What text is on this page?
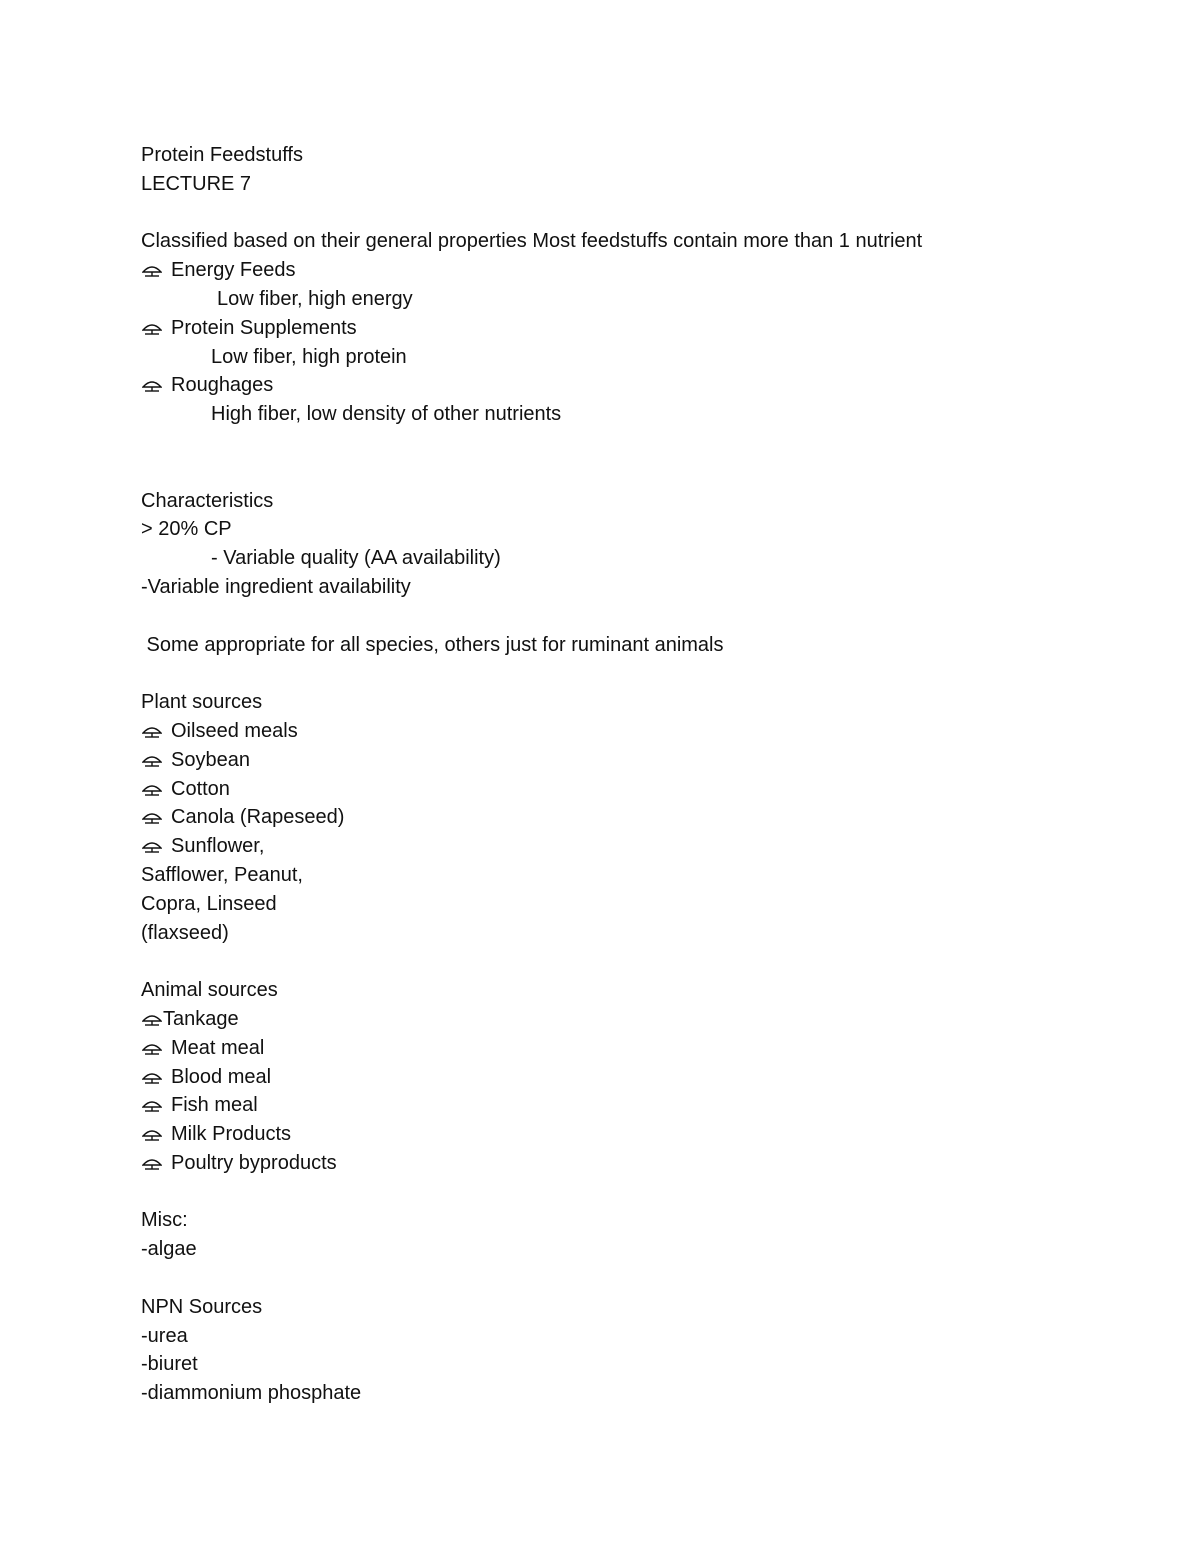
Protein Feedstuffs
LECTURE 7
Classified based on their general properties Most feedstuffs contain more than 1 nutrient

Energy Feeds
Low fiber, high energy

Protein Supplements
Low fiber, high protein

Roughages
High fiber, low density of other nutrients
Characteristics
> 20% CP
- Variable quality (AA availability)
-Variable ingredient availability
Some appropriate for all species, others just for ruminant animals
Plant sources

Oilseed meals

Soybean

Cotton

Canola (Rapeseed)

Sunflower,
Safflower, Peanut,
Copra, Linseed
(flaxseed)
Animal sources

Tankage

Meat meal

Blood meal

Fish meal

Milk Products

Poultry byproducts
Misc:
-algae
NPN Sources
-urea
-biuret
-diammonium phosphate
